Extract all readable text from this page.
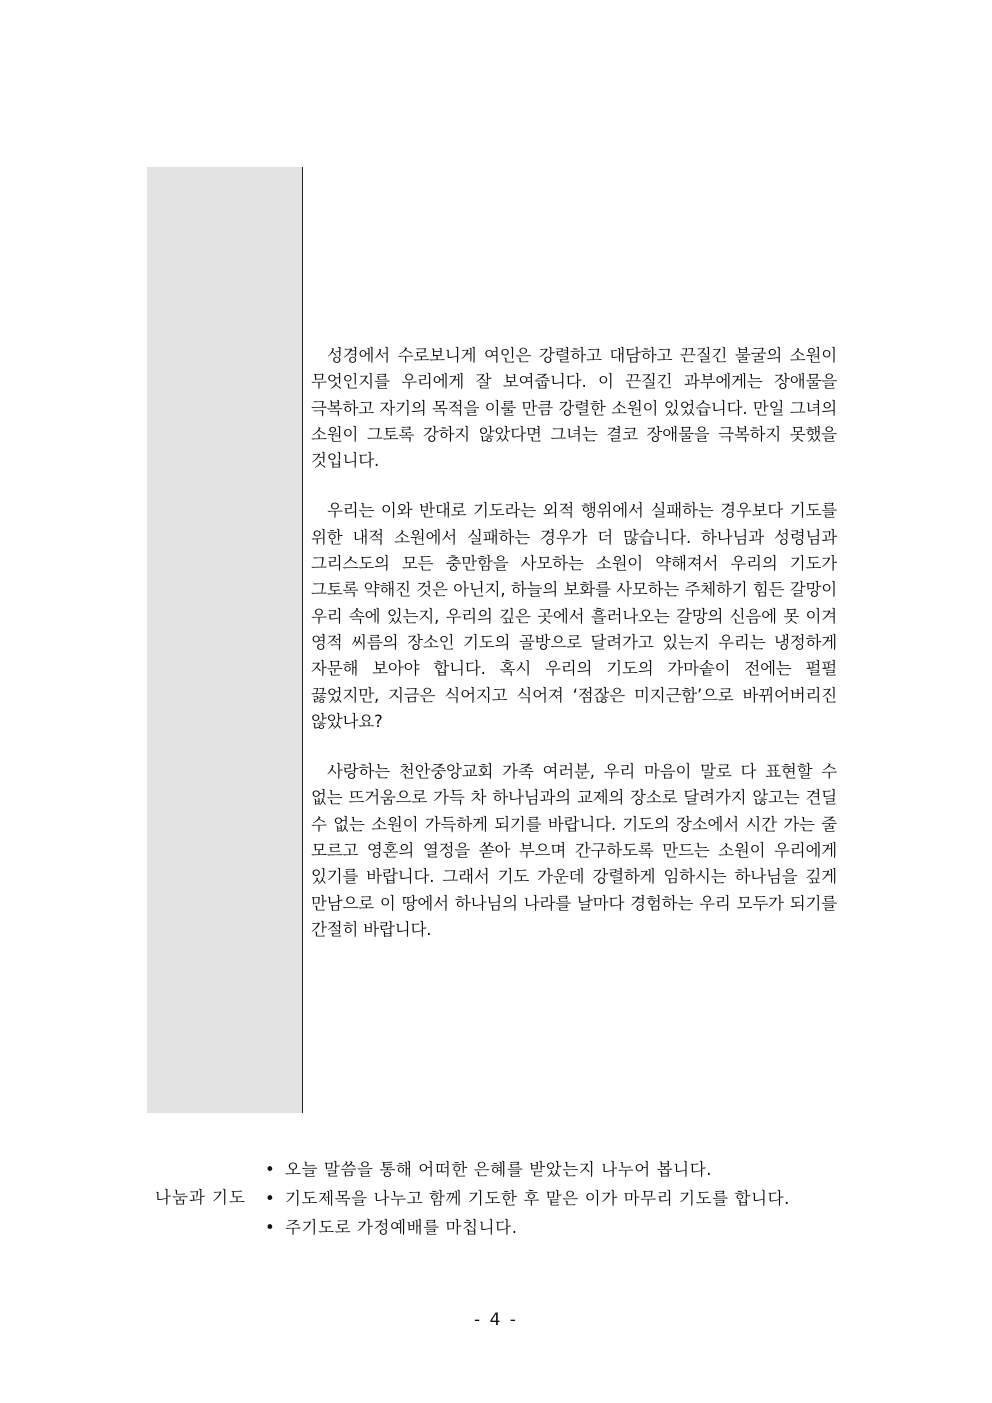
성경에서 수로보니게 여인은 강렬하고 대담하고 끈질긴 불굴의 소원이 무엇인지를 우리에게 잘 보여줍니다. 이 끈질긴 과부에게는 장애물을 극복하고 자기의 목적을 이룰 만큼 강렬한 소원이 있었습니다. 만일 그녀의 소원이 그토록 강하지 않았다면 그녀는 결코 장애물을 극복하지 못했을 것입니다.

우리는 이와 반대로 기도라는 외적 행위에서 실패하는 경우보다 기도를 위한 내적 소원에서 실패하는 경우가 더 많습니다. 하나님과 성령님과 그리스도의 모든 충만함을 사모하는 소원이 약해져서 우리의 기도가 그토록 약해진 것은 아닌지, 하늘의 보화를 사모하는 주체하기 힘든 갈망이 우리 속에 있는지, 우리의 깊은 곳에서 흘러나오는 갈망의 신음에 못 이겨 영적 씨름의 장소인 기도의 골방으로 달려가고 있는지 우리는 냉정하게 자문해 보아야 합니다. 혹시 우리의 기도의 가마솥이 전에는 펄펄 끓었지만, 지금은 식어지고 식어져 ‘점잖은 미지근함’으로 바뀌어버리진 않았나요?

사랑하는 천안중앙교회 가족 여러분, 우리 마음이 말로 다 표현할 수 없는 뜨거움으로 가득 차 하나님과의 교제의 장소로 달려가지 않고는 견딜 수 없는 소원이 가득하게 되기를 바랍니다. 기도의 장소에서 시간 가는 줄 모르고 영혼의 열정을 쏟아 부으며 간구하도록 만드는 소원이 우리에게 있기를 바랍니다. 그래서 기도 가운데 강렬하게 임하시는 하나님을 깊게 만남으로 이 땅에서 하나님의 나라를 날마다 경험하는 우리 모두가 되기를 간절히 바랍니다.

나눔과 기도
• 오늘 말씀을 통해 어떠한 은혜를 받았는지 나누어 봅니다.
• 기도제목을 나누고 함께 기도한 후 맡은 이가 마무리 기도를 합니다.
• 주기도로 가정예배를 마칩니다.
- 4 -
